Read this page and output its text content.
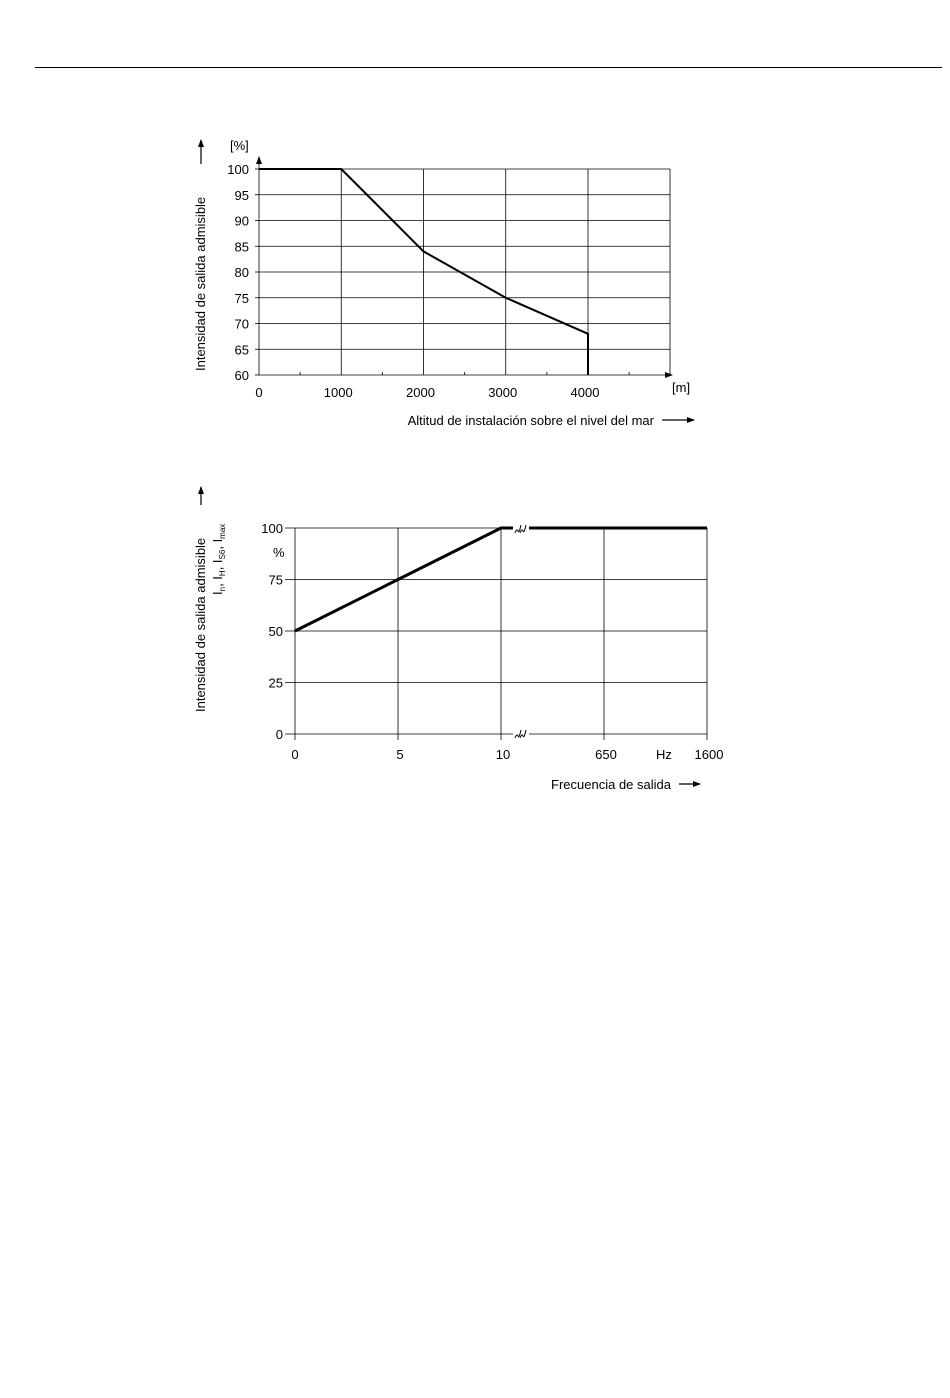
60
65
70
75
80
85
90
95
100
0	1000	2000	3000	4000
[%]
[m]
Intensidad de salida admisible
Altitud de instalación sobre el nivel del mar
0
25
50
75
100
0	5	10	650	1600
%
Hz
Intensidad de salida admisible $I_n$, $I_H$, $I_{S6}$, $I_{max}$
Frecuencia de salida
